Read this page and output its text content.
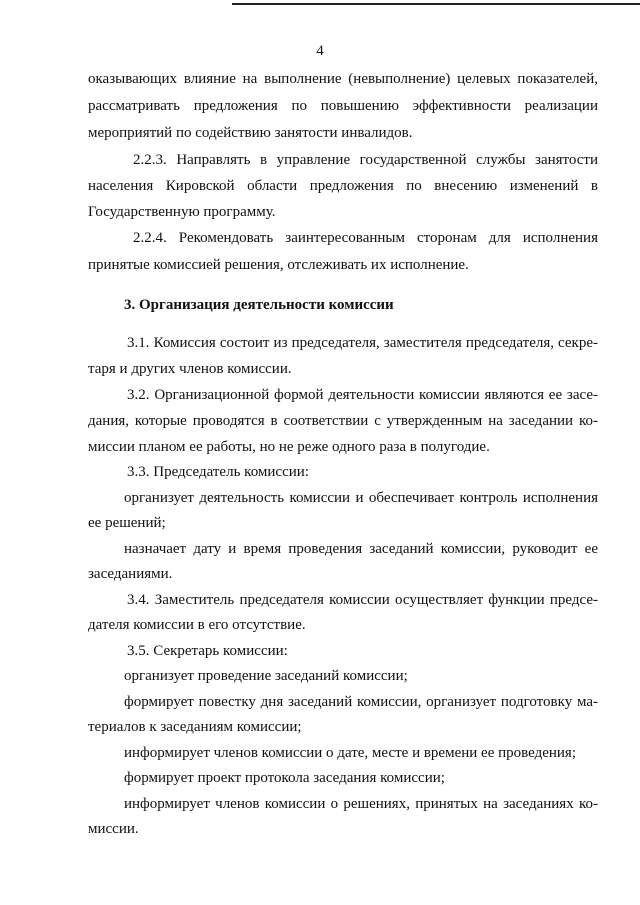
4
оказывающих влияние на выполнение (невыполнение) целевых показателей,
рассматривать предложения по повышению эффективности реализации
мероприятий по содействию занятости инвалидов.
2.2.3. Направлять в управление государственной службы занятости
населения Кировской области предложения по внесению изменений в
Государственную программу.
2.2.4. Рекомендовать заинтересованным сторонам для исполнения
принятые комиссией решения, отслеживать их исполнение.
3. Организация деятельности комиссии
3.1. Комиссия состоит из председателя, заместителя председателя, секре-
таря и других членов комиссии.
3.2. Организационной формой деятельности комиссии являются ее засе-
дания, которые проводятся в соответствии с утвержденным на заседании ко-
миссии планом ее работы, но не реже одного раза в полугодие.
3.3. Председатель комиссии:
организует деятельность комиссии и обеспечивает контроль исполнения
ее решений;
назначает дату и время проведения заседаний комиссии, руководит ее
заседаниями.
3.4. Заместитель председателя комиссии осуществляет функции предсе-
дателя комиссии в его отсутствие.
3.5. Секретарь комиссии:
организует проведение заседаний комиссии;
формирует повестку дня заседаний комиссии, организует подготовку ма-
териалов к заседаниям комиссии;
информирует членов комиссии о дате, месте и времени ее проведения;
формирует проект протокола заседания комиссии;
информирует членов комиссии о решениях, принятых на заседаниях ко-
миссии.
